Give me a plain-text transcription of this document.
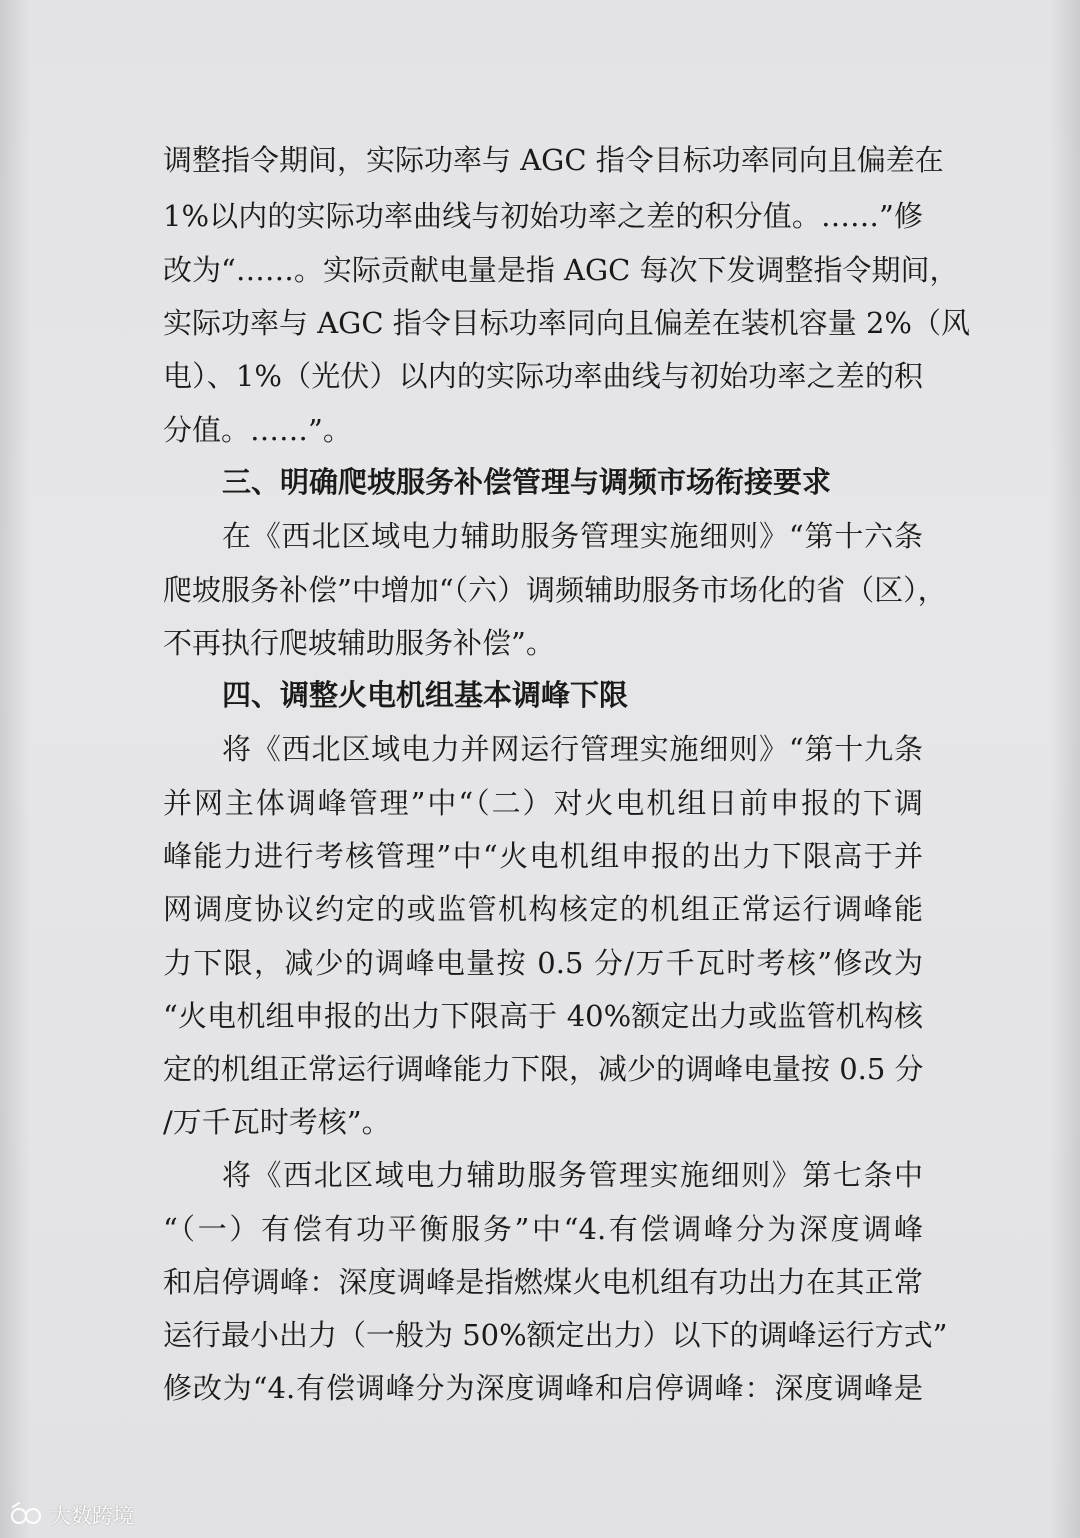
调整指令期间，实际功率与 AGC 指令目标功率同向且偏差在
1%以内的实际功率曲线与初始功率之差的积分值。……”修
改为“……。实际贡献电量是指 AGC 每次下发调整指令期间，
实际功率与 AGC 指令目标功率同向且偏差在装机容量 2%（风
电）、1%（光伏）以内的实际功率曲线与初始功率之差的积
分值。……”。
三、明确爬坡服务补偿管理与调频市场衔接要求
在《西北区域电力辅助服务管理实施细则》“第十六条
爬坡服务补偿”中增加“（六）调频辅助服务市场化的省（区），
不再执行爬坡辅助服务补偿”。
四、调整火电机组基本调峰下限
将《西北区域电力并网运行管理实施细则》“第十九条
并网主体调峰管理”中“（二）对火电机组日前申报的下调
峰能力进行考核管理”中“火电机组申报的出力下限高于并
网调度协议约定的或监管机构核定的机组正常运行调峰能
力下限，减少的调峰电量按 0.5 分/万千瓦时考核”修改为
“火电机组申报的出力下限高于 40%额定出力或监管机构核
定的机组正常运行调峰能力下限，减少的调峰电量按 0.5 分
/万千瓦时考核”。
将《西北区域电力辅助服务管理实施细则》第七条中
“（一）有偿有功平衡服务”中“4.有偿调峰分为深度调峰
和启停调峰：深度调峰是指燃煤火电机组有功出力在其正常
运行最小出力（一般为 50%额定出力）以下的调峰运行方式”
修改为“4.有偿调峰分为深度调峰和启停调峰：深度调峰是
大数跨境
